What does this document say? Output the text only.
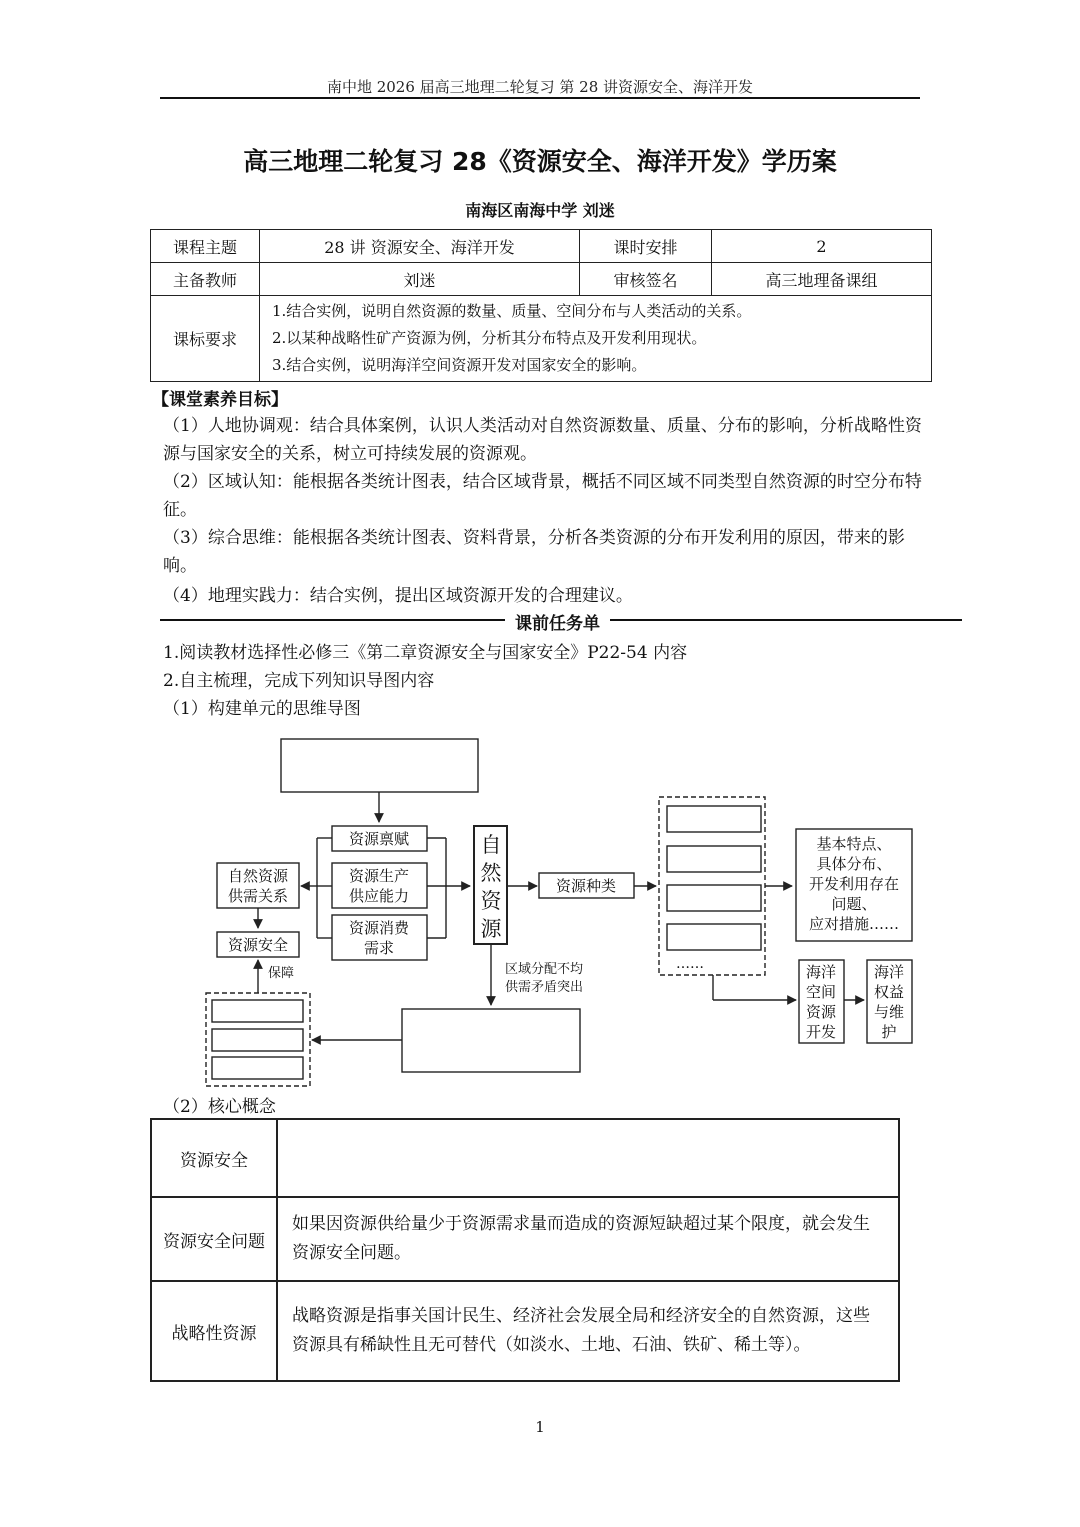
南中地 2026 届高三地理二轮复习 第 28 讲资源安全、海洋开发
高三地理二轮复习 28《资源安全、海洋开发》学历案
南海区南海中学 刘迷
课程主题	28 讲 资源安全、海洋开发	课时安排	2
主备教师	刘迷	审核签名	高三地理备课组
课标要求	1.结合实例，说明自然资源的数量、质量、空间分布与人类活动的关系。
2.以某种战略性矿产资源为例，分析其分布特点及开发利用现状。
3.结合实例，说明海洋空间资源开发对国家安全的影响。		
【课堂素养目标】
（1）人地协调观：结合具体案例，认识人类活动对自然资源数量、质量、分布的影响，分析战略性资源与国家安全的关系，树立可持续发展的资源观。
（2）区域认知：能根据各类统计图表，结合区域背景，概括不同区域不同类型自然资源的时空分布特征。
（3）综合思维：能根据各类统计图表、资料背景，分析各类资源的分布开发利用的原因，带来的影响。
（4）地理实践力：结合实例，提出区域资源开发的合理建议。
课前任务单
1.阅读教材选择性必修三《第二章资源安全与国家安全》P22-54 内容
2.自主梳理，完成下列知识导图内容
（1）构建单元的思维导图
资源禀赋
资源生产
供应能力
资源消费
需求
自然资源
供需关系
资源安全
保障
自
然
资
源
资源种类
区域分配不均
供需矛盾突出
……
基本特点、
具体分布、
开发利用存在
问题、
应对措施……
海洋
空间
资源
开发
海洋
权益
与维
护
（2）核心概念
资源安全	
资源安全问题	如果因资源供给量少于资源需求量而造成的资源短缺超过某个限度，就会发生资源安全问题。
战略性资源	战略资源是指事关国计民生、经济社会发展全局和经济安全的自然资源，这些资源具有稀缺性且无可替代（如淡水、土地、石油、铁矿、稀土等）。
1
